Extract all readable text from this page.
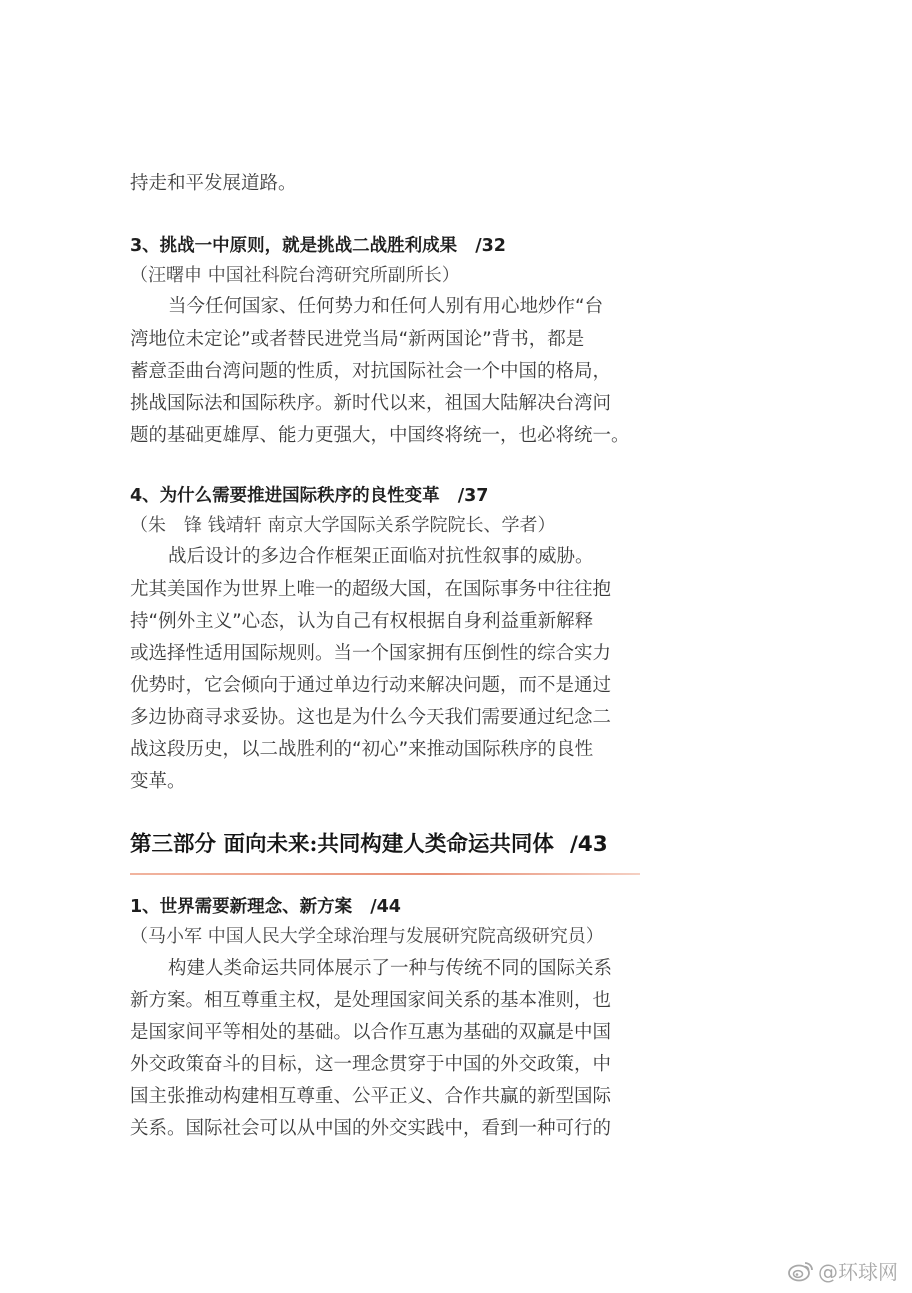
持走和平发展道路。
3、挑战一中原则，就是挑战二战胜利成果 /32
（汪曙申 中国社科院台湾研究所副所长）
当今任何国家、任何势力和任何人别有用心地炒作“台
湾地位未定论”或者替民进党当局“新两国论”背书，都是
蓄意歪曲台湾问题的性质，对抗国际社会一个中国的格局，
挑战国际法和国际秩序。新时代以来，祖国大陆解决台湾问
题的基础更雄厚、能力更强大，中国终将统一，也必将统一。
4、为什么需要推进国际秩序的良性变革 /37
（朱　锋 钱靖轩 南京大学国际关系学院院长、学者）
战后设计的多边合作框架正面临对抗性叙事的威胁。
尤其美国作为世界上唯一的超级大国，在国际事务中往往抱
持“例外主义”心态，认为自己有权根据自身利益重新解释
或选择性适用国际规则。当一个国家拥有压倒性的综合实力
优势时，它会倾向于通过单边行动来解决问题，而不是通过
多边协商寻求妥协。这也是为什么今天我们需要通过纪念二
战这段历史，以二战胜利的“初心”来推动国际秩序的良性
变革。
第三部分 面向未来:共同构建人类命运共同体 /43
1、世界需要新理念、新方案 /44
（马小军 中国人民大学全球治理与发展研究院高级研究员）
构建人类命运共同体展示了一种与传统不同的国际关系
新方案。相互尊重主权，是处理国家间关系的基本准则，也
是国家间平等相处的基础。以合作互惠为基础的双赢是中国
外交政策奋斗的目标，这一理念贯穿于中国的外交政策，中
国主张推动构建相互尊重、公平正义、合作共赢的新型国际
关系。国际社会可以从中国的外交实践中，看到一种可行的
@环球网
